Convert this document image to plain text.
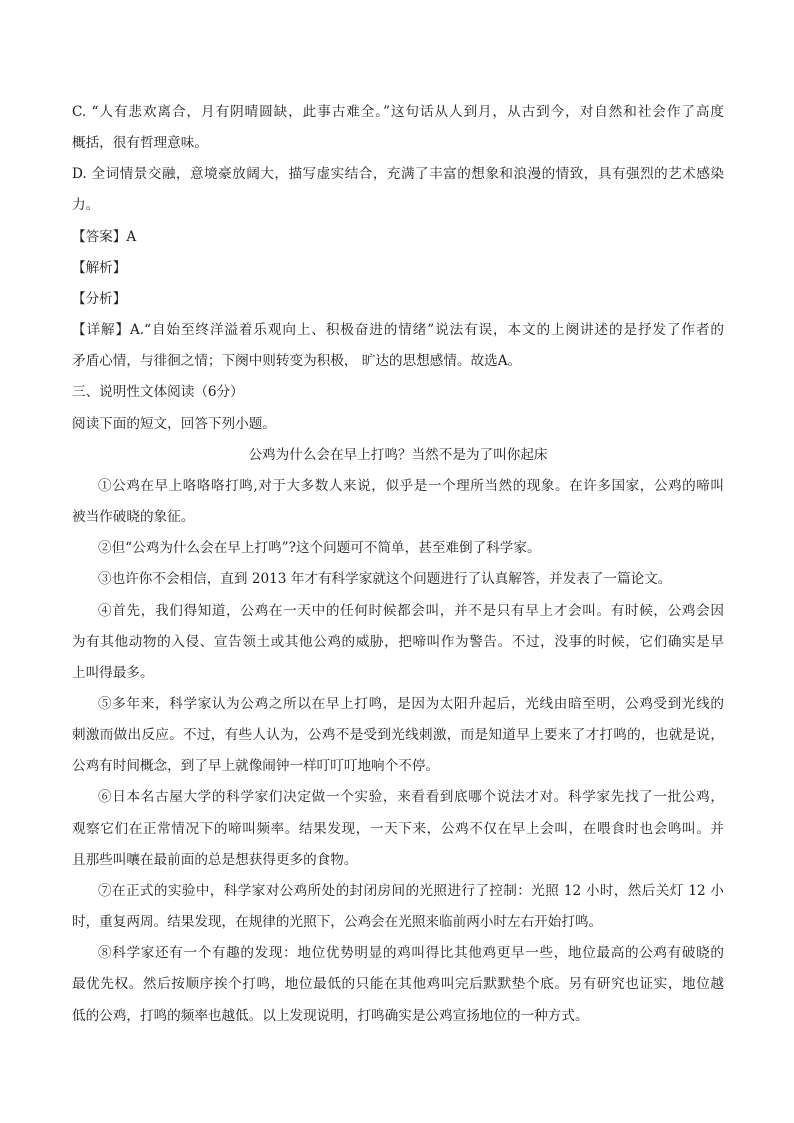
C. “人有悲欢离合，月有阴晴圆缺，此事古难全。”这句话从人到月，从古到今，对自然和社会作了高度
概括，很有哲理意味。
D. 全词情景交融，意境豪放阔大，描写虚实结合，充满了丰富的想象和浪漫的情致，具有强烈的艺术感染
力。
【答案】A
【解析】
【分析】
【详解】A.“自始至终洋溢着乐观向上、积极奋进的情绪”说法有误，本文的上阕讲述的是抒发了作者的
矛盾心情，与徘徊之情；下阕中则转变为积极， 旷达的思想感情。故选A。
三、说明性文体阅读（6分）
阅读下面的短文，回答下列小题。
公鸡为什么会在早上打鸣？当然不是为了叫你起床
①公鸡在早上咯咯咯打鸣,对于大多数人来说，似乎是一个理所当然的现象。在许多国家，公鸡的啼叫
被当作破晓的象征。
②但“公鸡为什么会在早上打鸣”?这个问题可不简单，甚至难倒了科学家。
③也许你不会相信，直到 2013 年才有科学家就这个问题进行了认真解答，并发表了一篇论文。
④首先，我们得知道，公鸡在一天中的任何时候都会叫，并不是只有早上才会叫。有时候，公鸡会因
为有其他动物的入侵、宣告领土或其他公鸡的威胁，把啼叫作为警告。不过，没事的时候，它们确实是早
上叫得最多。
⑤多年来，科学家认为公鸡之所以在早上打鸣，是因为太阳升起后，光线由暗至明，公鸡受到光线的
刺激而做出反应。不过，有些人认为，公鸡不是受到光线刺激，而是知道早上要来了才打鸣的，也就是说，
公鸡有时间概念，到了早上就像闹钟一样叮叮叮地响个不停。
⑥日本名古屋大学的科学家们决定做一个实验，来看看到底哪个说法才对。科学家先找了一批公鸡，
观察它们在正常情况下的啼叫频率。结果发现，一天下来，公鸡不仅在早上会叫，在喂食时也会鸣叫。并
且那些叫嚷在最前面的总是想获得更多的食物。
⑦在正式的实验中，科学家对公鸡所处的封闭房间的光照进行了控制：光照 12 小时，然后关灯 12 小
时，重复两周。结果发现，在规律的光照下，公鸡会在光照来临前两小时左右开始打鸣。
⑧科学家还有一个有趣的发现：地位优势明显的鸡叫得比其他鸡更早一些，地位最高的公鸡有破晓的
最优先权。然后按顺序挨个打鸣，地位最低的只能在其他鸡叫完后默默垫个底。另有研究也证实，地位越
低的公鸡，打鸣的频率也越低。以上发现说明，打鸣确实是公鸡宣扬地位的一种方式。
